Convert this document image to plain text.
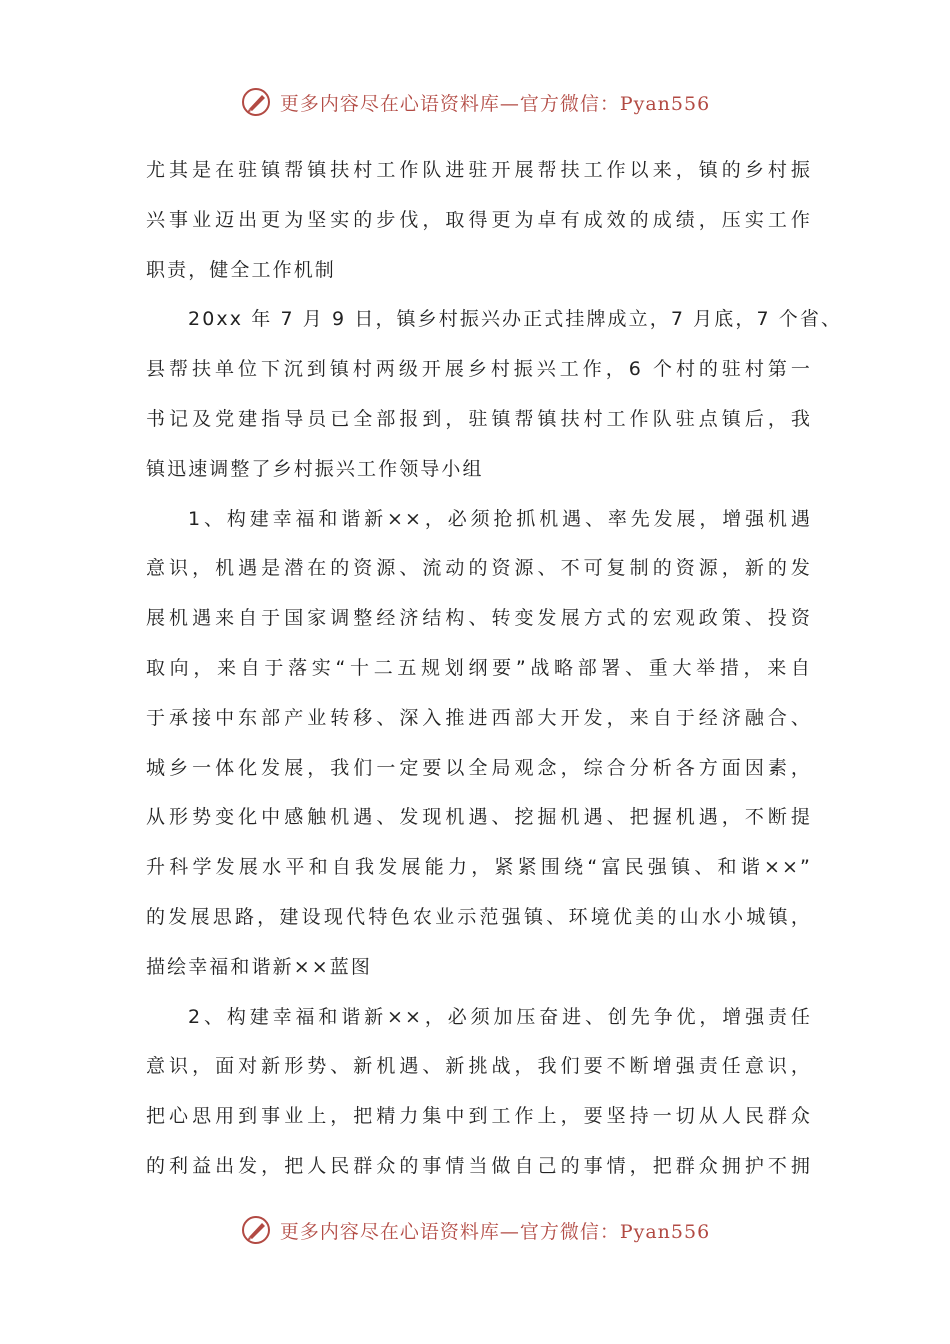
更多内容尽在心语资料库—官方微信：Pyan556
尤其是在驻镇帮镇扶村工作队进驻开展帮扶工作以来，镇的乡村振
兴事业迈出更为坚实的步伐，取得更为卓有成效的成绩，压实工作
职责，健全工作机制
20xx 年 7 月 9 日，镇乡村振兴办正式挂牌成立，7 月底，7 个省、
县帮扶单位下沉到镇村两级开展乡村振兴工作，6 个村的驻村第一
书记及党建指导员已全部报到，驻镇帮镇扶村工作队驻点镇后，我
镇迅速调整了乡村振兴工作领导小组
1、构建幸福和谐新××，必须抢抓机遇、率先发展，增强机遇
意识，机遇是潜在的资源、流动的资源、不可复制的资源，新的发
展机遇来自于国家调整经济结构、转变发展方式的宏观政策、投资
取向，来自于落实“十二五规划纲要”战略部署、重大举措，来自
于承接中东部产业转移、深入推进西部大开发，来自于经济融合、
城乡一体化发展，我们一定要以全局观念，综合分析各方面因素，
从形势变化中感触机遇、发现机遇、挖掘机遇、把握机遇，不断提
升科学发展水平和自我发展能力，紧紧围绕“富民强镇、和谐××”
的发展思路，建设现代特色农业示范强镇、环境优美的山水小城镇，
描绘幸福和谐新××蓝图
2、构建幸福和谐新××，必须加压奋进、创先争优，增强责任
意识，面对新形势、新机遇、新挑战，我们要不断增强责任意识，
把心思用到事业上，把精力集中到工作上，要坚持一切从人民群众
的利益出发，把人民群众的事情当做自己的事情，把群众拥护不拥
更多内容尽在心语资料库—官方微信：Pyan556
